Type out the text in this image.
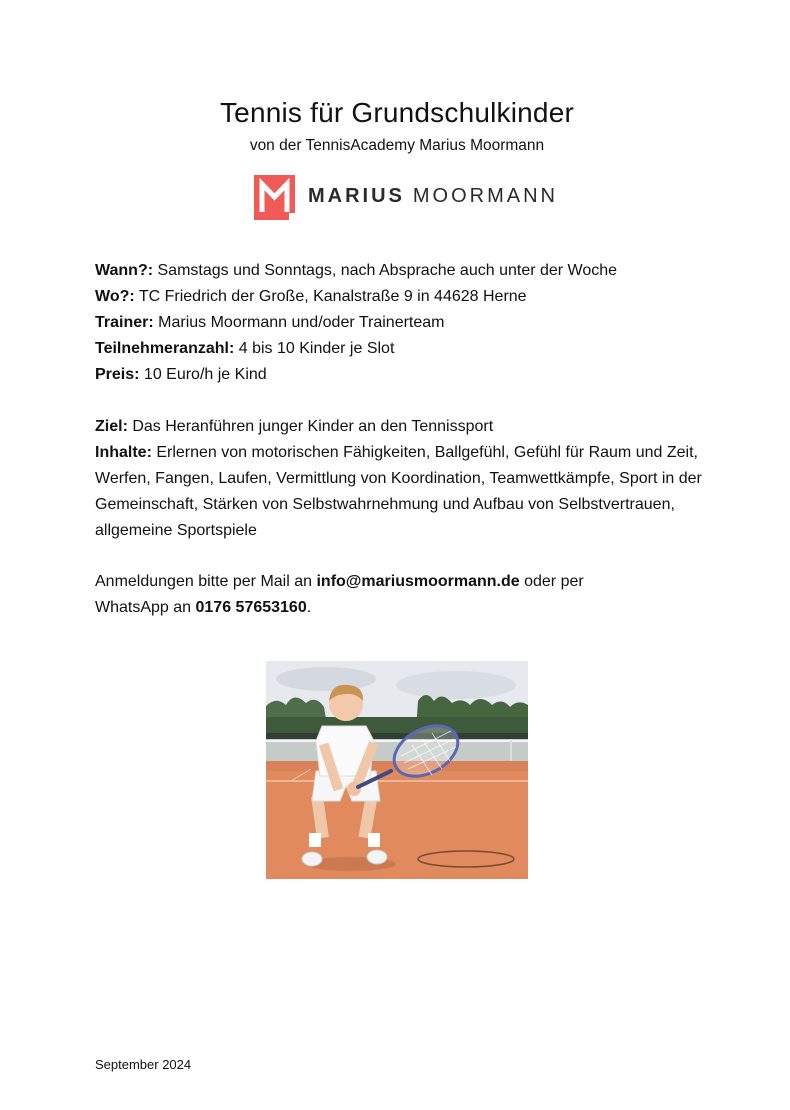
Tennis für Grundschulkinder
von der TennisAcademy Marius Moormann
MARIUS MOORMANN
Wann?: Samstags und Sonntags, nach Absprache auch unter der Woche
Wo?: TC Friedrich der Große, Kanalstraße 9 in 44628 Herne
Trainer: Marius Moormann und/oder Trainerteam
Teilnehmeranzahl: 4 bis 10 Kinder je Slot
Preis: 10 Euro/h je Kind
Ziel: Das Heranführen junger Kinder an den Tennissport
Inhalte: Erlernen von motorischen Fähigkeiten, Ballgefühl, Gefühl für Raum und Zeit, Werfen, Fangen, Laufen, Vermittlung von Koordination, Teamwettkämpfe, Sport in der Gemeinschaft, Stärken von Selbstwahrnehmung und Aufbau von Selbstvertrauen, allgemeine Sportspiele
Anmeldungen bitte per Mail an info@mariusmoormann.de oder per
WhatsApp an 0176 57653160.
September 2024
